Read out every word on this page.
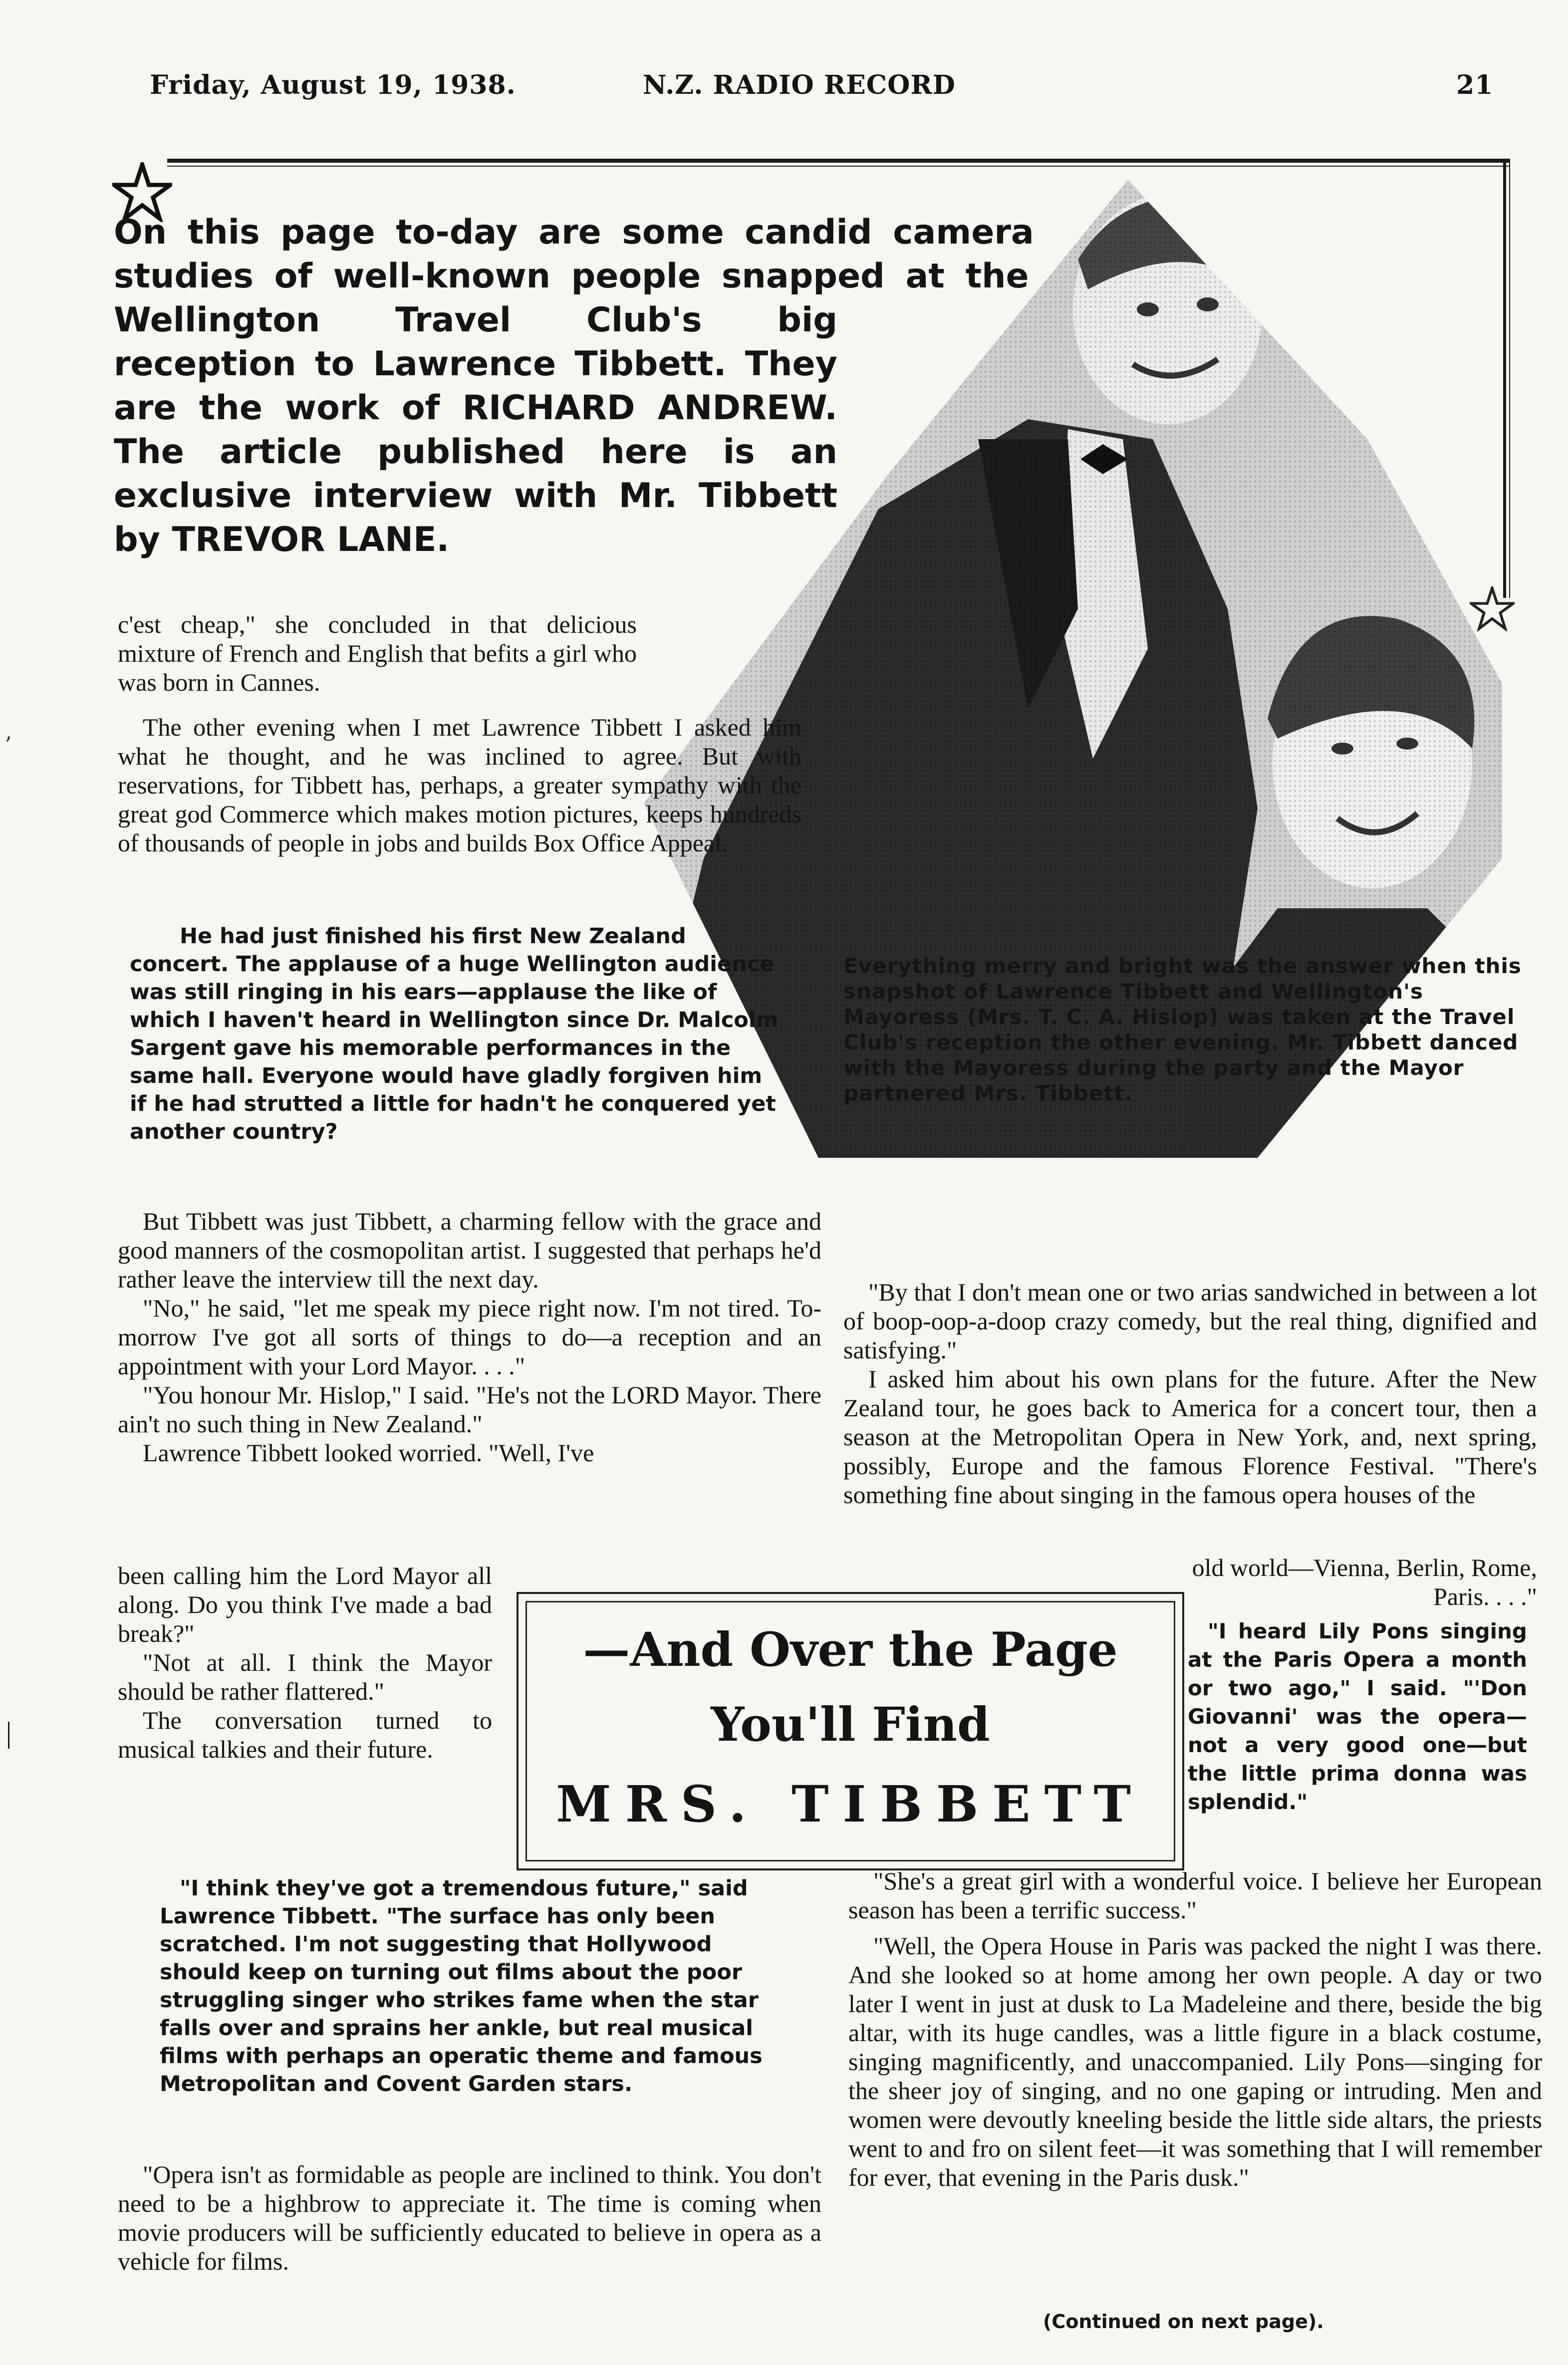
Friday, August 19, 1938.	N.Z. RADIO RECORD	21
On this page to-day are some candid camera
studies of well-known people snapped at the
Wellington Travel Club's big reception to Lawrence Tibbett. They are the work of RICHARD ANDREW. The article published here is an exclusive interview with Mr. Tibbett by TREVOR LANE.

c'est cheap," she concluded in that delicious mixture of French and English that befits a girl who was born in Cannes.

The other evening when I met Lawrence Tibbett I asked him what he thought, and he was inclined to agree. But with reservations, for Tibbett has, perhaps, a greater sympathy with the great god Commerce which makes motion pictures, keeps hundreds of thousands of people in jobs and builds Box Office Appeal.

He had just finished his first New Zealand concert. The applause of a huge Wellington audience was still ringing in his ears—applause the like of which I haven't heard in Wellington since Dr. Malcolm Sargent gave his memorable performances in the same hall. Everyone would have gladly forgiven him if he had strutted a little for hadn't he conquered yet another country?

But Tibbett was just Tibbett, a charming fellow with the grace and good manners of the cosmopolitan artist. I suggested that perhaps he'd rather leave the interview till the next day.

"No," he said, "let me speak my piece right now. I'm not tired. To-morrow I've got all sorts of things to do—a reception and an appointment with your Lord Mayor. . . ."

"You honour Mr. Hislop," I said. "He's not the LORD Mayor. There ain't no such thing in New Zealand."

Lawrence Tibbett looked worried. "Well, I've

been calling him the Lord Mayor all along. Do you think I've made a bad break?"

"Not at all. I think the Mayor should be rather flattered."

The conversation turned to musical talkies and their future.

"I think they've got a tremendous future," said Lawrence Tibbett. "The surface has only been scratched. I'm not suggesting that Hollywood should keep on turning out films about the poor struggling singer who strikes fame when the star falls over and sprains her ankle, but real musical films with perhaps an operatic theme and famous Metropolitan and Covent Garden stars.

"Opera isn't as formidable as people are inclined to think. You don't need to be a highbrow to appreciate it. The time is coming when movie producers will be sufficiently educated to believe in opera as a vehicle for films.

Everything merry and bright was the answer when this snapshot of Lawrence Tibbett and Wellington's Mayoress (Mrs. T. C. A. Hislop) was taken at the Travel Club's reception the other evening. Mr. Tibbett danced with the Mayoress during the party and the Mayor partnered Mrs. Tibbett.

"By that I don't mean one or two arias sandwiched in between a lot of boop-oop-a-doop crazy comedy, but the real thing, dignified and satisfying."

I asked him about his own plans for the future. After the New Zealand tour, he goes back to America for a concert tour, then a season at the Metropolitan Opera in New York, and, next spring, possibly, Europe and the famous Florence Festival. "There's something fine about singing in the famous opera houses of the

old world—Vienna, Berlin, Rome, Paris. . . ."

"I heard Lily Pons singing at the Paris Opera a month or two ago," I said. "'Don Giovanni' was the opera—not a very good one—but the little prima donna was splendid."

"She's a great girl with a wonderful voice. I believe her European season has been a terrific success."

"Well, the Opera House in Paris was packed the night I was there. And she looked so at home among her own people. A day or two later I went in just at dusk to La Madeleine and there, beside the big altar, with its huge candles, was a little figure in a black costume, singing magnificently, and unaccompanied. Lily Pons—singing for the sheer joy of singing, and no one gaping or intruding. Men and women were devoutly kneeling beside the little side altars, the priests went to and fro on silent feet—it was something that I will remember for ever, that evening in the Paris dusk."

(Continued on next page).
—And Over the Page
You'll Find
MRS. TIBBETT
ʼ
